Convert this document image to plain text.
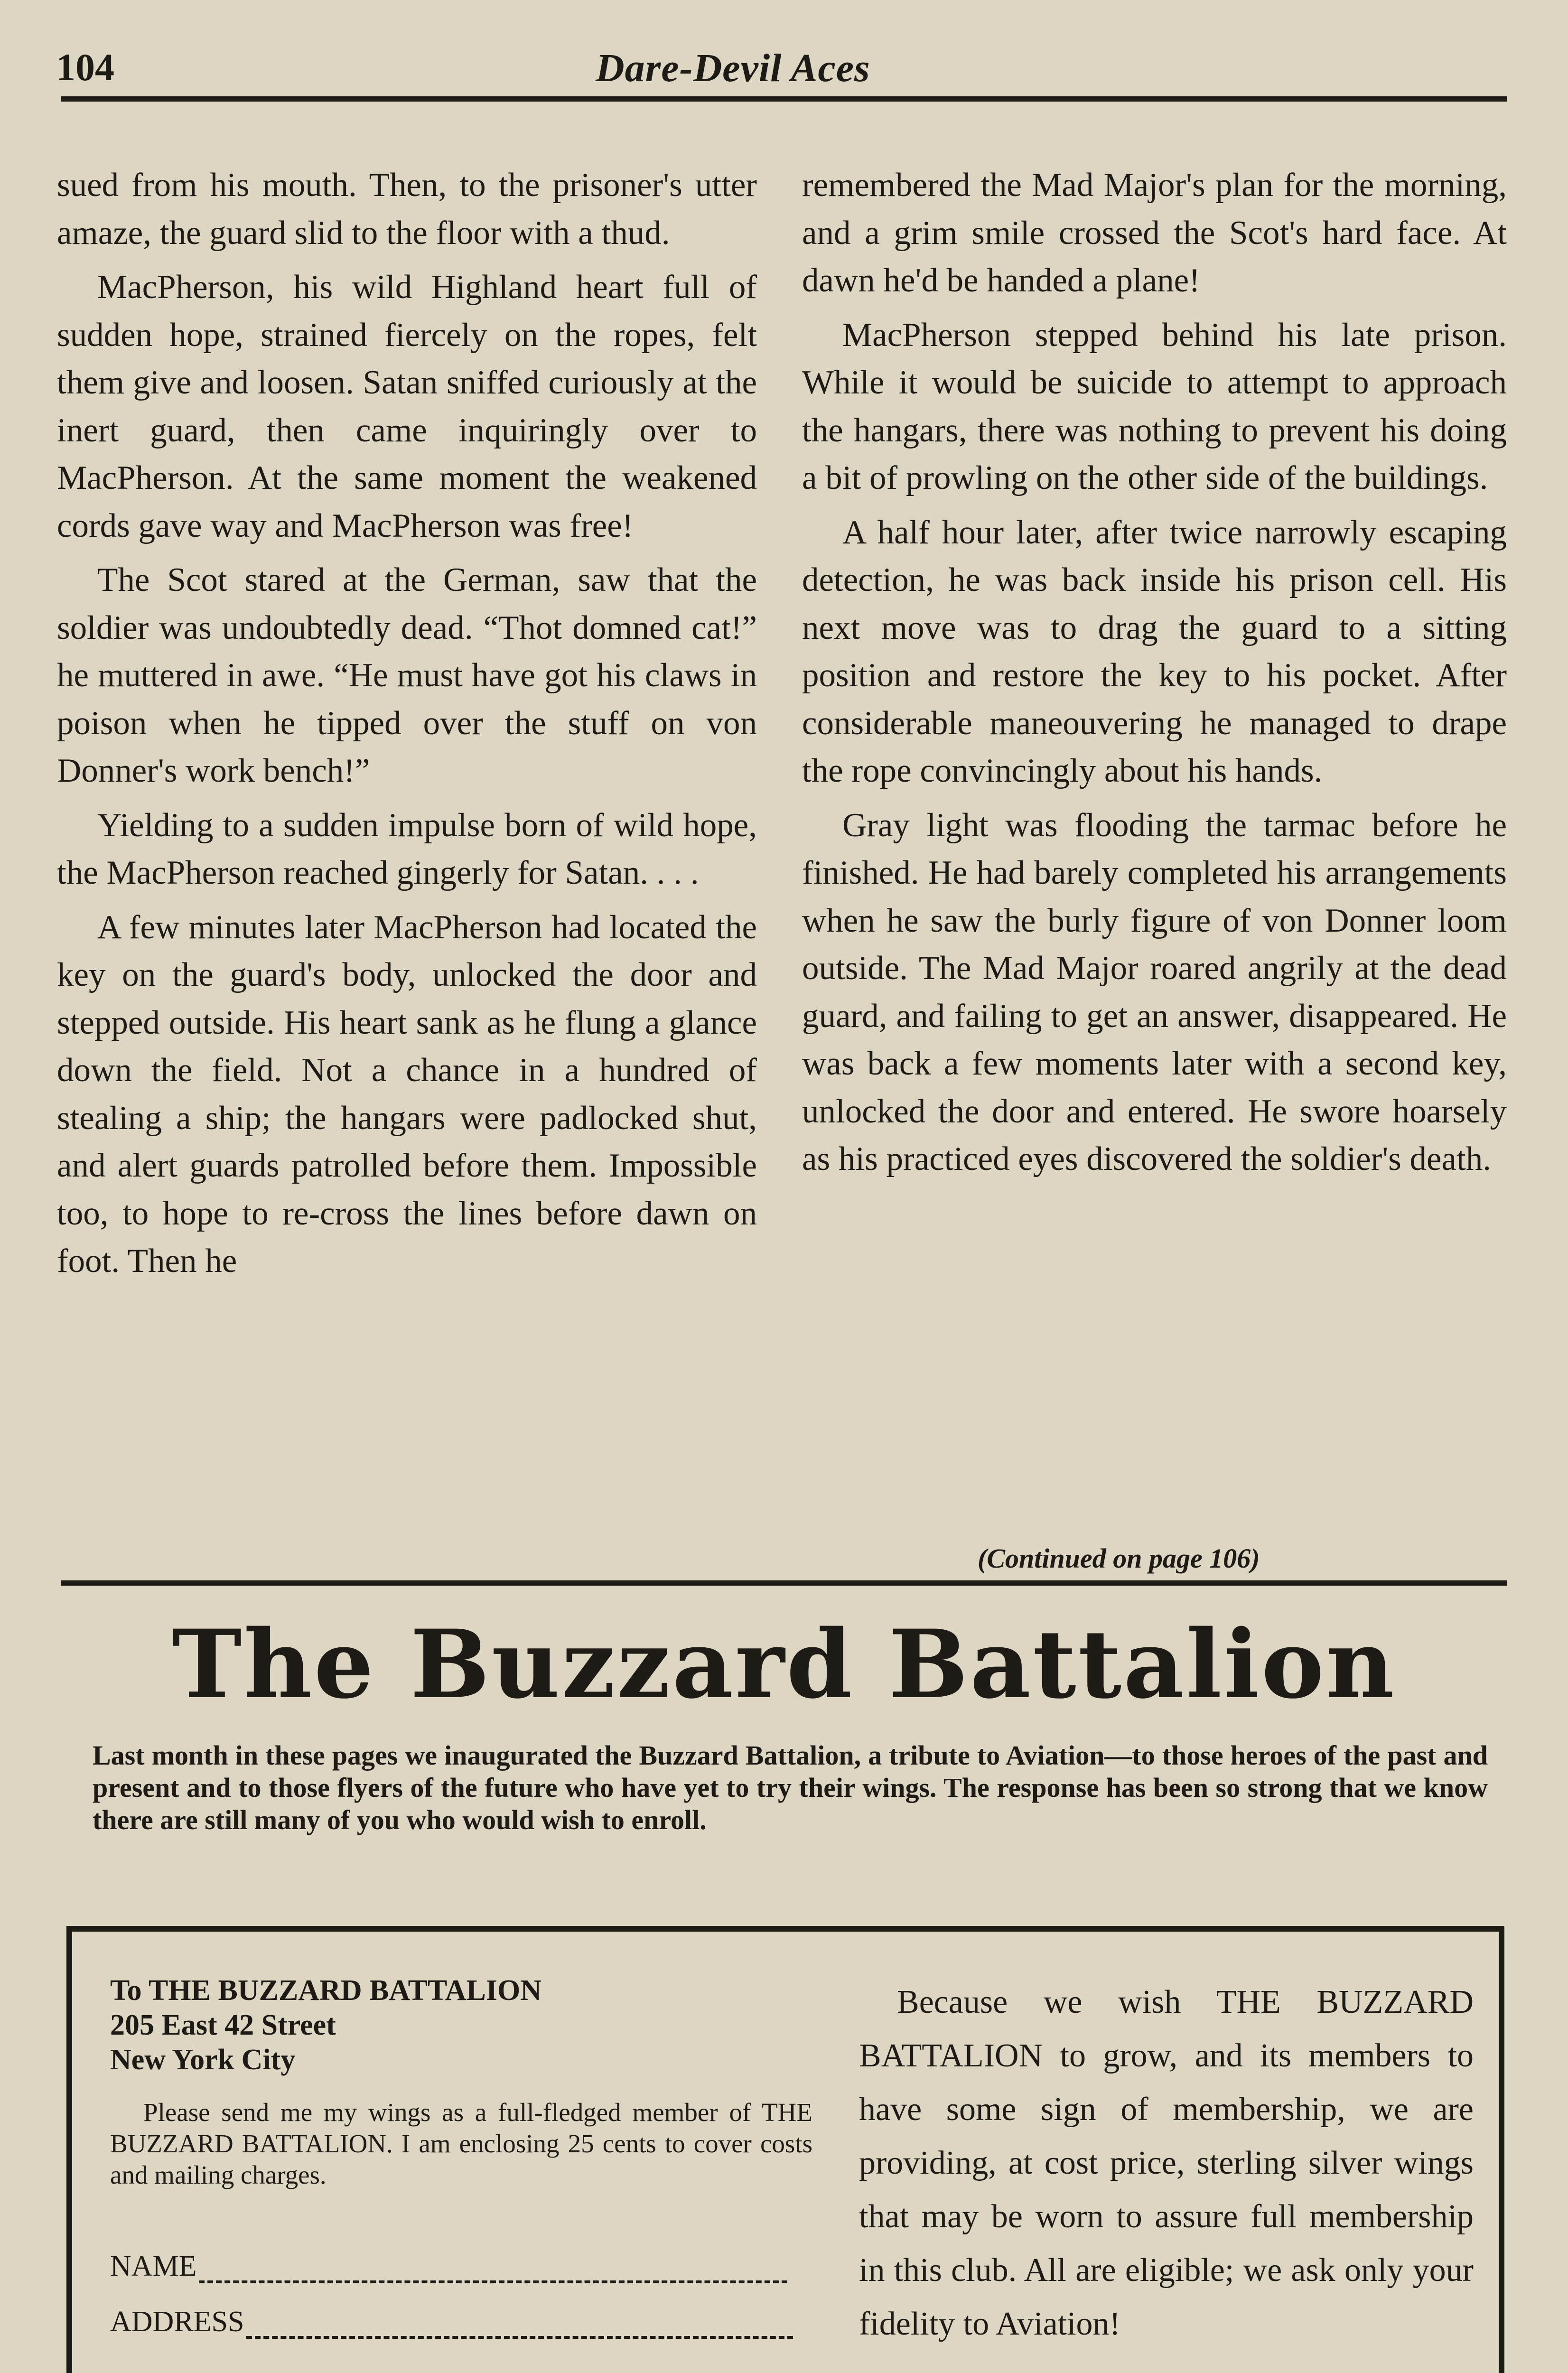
104	Dare-Devil Aces

sued from his mouth. Then, to the prisoner's utter amaze, the guard slid to the floor with a thud.

MacPherson, his wild Highland heart full of sudden hope, strained fiercely on the ropes, felt them give and loosen. Satan sniffed curiously at the inert guard, then came inquiringly over to MacPherson. At the same moment the weakened cords gave way and MacPherson was free!

The Scot stared at the German, saw that the soldier was undoubtedly dead. “Thot domned cat!” he muttered in awe. “He must have got his claws in poison when he tipped over the stuff on von Donner's work bench!”

Yielding to a sudden impulse born of wild hope, the MacPherson reached gingerly for Satan. . . .

A few minutes later MacPherson had located the key on the guard's body, unlocked the door and stepped outside. His heart sank as he flung a glance down the field. Not a chance in a hundred of stealing a ship; the hangars were padlocked shut, and alert guards patrolled before them. Impossible too, to hope to re-cross the lines before dawn on foot. Then he

remembered the Mad Major's plan for the morning, and a grim smile crossed the Scot's hard face. At dawn he'd be handed a plane!

MacPherson stepped behind his late prison. While it would be suicide to attempt to approach the hangars, there was nothing to prevent his doing a bit of prowling on the other side of the buildings.

A half hour later, after twice narrowly escaping detection, he was back inside his prison cell. His next move was to drag the guard to a sitting position and restore the key to his pocket. After considerable maneouvering he managed to drape the rope convincingly about his hands.

Gray light was flooding the tarmac before he finished. He had barely completed his arrangements when he saw the burly figure of von Donner loom outside. The Mad Major roared angrily at the dead guard, and failing to get an answer, disappeared. He was back a few moments later with a second key, unlocked the door and entered. He swore hoarsely as his practiced eyes discovered the soldier's death.

(Continued on page 106)
The Buzzard Battalion
Last month in these pages we inaugurated the Buzzard Battalion, a tribute to Aviation—to those heroes of the past and present and to those flyers of the future who have yet to try their wings. The response has been so strong that we know there are still many of you who would wish to enroll.
To THE BUZZARD BATTALION
205 East 42 Street
New York City
Please send me my wings as a full-fledged member of THE BUZZARD BATTALION. I am enclosing 25 cents to cover costs and mailing charges.
NAME
ADDRESS
Because we wish THE BUZZARD BATTALION to grow, and its members to have some sign of membership, we are providing, at cost price, sterling silver wings that may be worn to assure full membership in this club. All are eligible; we ask only your fidelity to Aviation!
